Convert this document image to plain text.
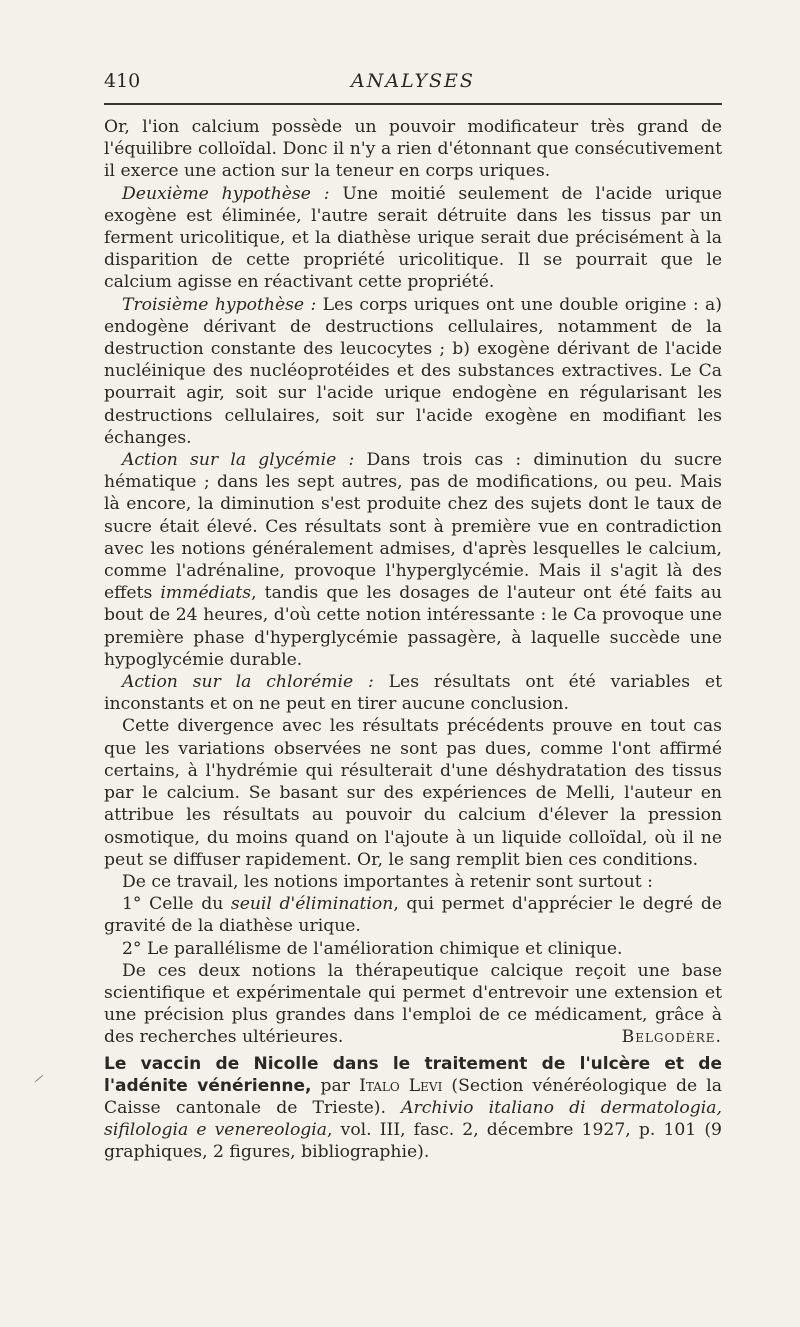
410	ANALYSES

Or, l'ion calcium possède un pouvoir modificateur très grand de l'équilibre colloïdal. Donc il n'y a rien d'étonnant que consécutivement il exerce une action sur la teneur en corps uriques.

Deuxième hypothèse : Une moitié seulement de l'acide urique exogène est éliminée, l'autre serait détruite dans les tissus par un ferment uricolitique, et la diathèse urique serait due précisément à la disparition de cette propriété uricolitique. Il se pourrait que le calcium agisse en réactivant cette propriété.

Troisième hypothèse : Les corps uriques ont une double origine : a) endogène dérivant de destructions cellulaires, notamment de la destruction constante des leucocytes ; b) exogène dérivant de l'acide nucléinique des nucléoprotéides et des substances extractives. Le Ca pourrait agir, soit sur l'acide urique endogène en régularisant les destructions cellulaires, soit sur l'acide exogène en modifiant les échanges.

Action sur la glycémie : Dans trois cas : diminution du sucre hématique ; dans les sept autres, pas de modifications, ou peu. Mais là encore, la diminution s'est produite chez des sujets dont le taux de sucre était élevé. Ces résultats sont à première vue en contradiction avec les notions généralement admises, d'après lesquelles le calcium, comme l'adrénaline, provoque l'hyperglycémie. Mais il s'agit là des effets immédiats, tandis que les dosages de l'auteur ont été faits au bout de 24 heures, d'où cette notion intéressante : le Ca provoque une première phase d'hyperglycémie passagère, à laquelle succède une hypoglycémie durable.

Action sur la chlorémie : Les résultats ont été variables et inconstants et on ne peut en tirer aucune conclusion.

Cette divergence avec les résultats précédents prouve en tout cas que les variations observées ne sont pas dues, comme l'ont affirmé certains, à l'hydrémie qui résulterait d'une déshydratation des tissus par le calcium. Se basant sur des expériences de Melli, l'auteur en attribue les résultats au pouvoir du calcium d'élever la pression osmotique, du moins quand on l'ajoute à un liquide colloïdal, où il ne peut se diffuser rapidement. Or, le sang remplit bien ces conditions.

De ce travail, les notions importantes à retenir sont surtout :

1° Celle du seuil d'élimination, qui permet d'apprécier le degré de gravité de la diathèse urique.

2° Le parallélisme de l'amélioration chimique et clinique.

De ces deux notions la thérapeutique calcique reçoit une base scientifique et expérimentale qui permet d'entrevoir une extension et une précision plus grandes dans l'emploi de ce médicament, grâce à des recherches ultérieures.	Belgodère.

Le vaccin de Nicolle dans le traitement de l'ulcère et de l'adénite vénérienne, par Italo Levi (Section vénéréologique de la Caisse cantonale de Trieste). Archivio italiano di dermatologia, sifilologia e venereologia, vol. III, fasc. 2, décembre 1927, p. 101 (9 graphiques, 2 figures, bibliographie).
